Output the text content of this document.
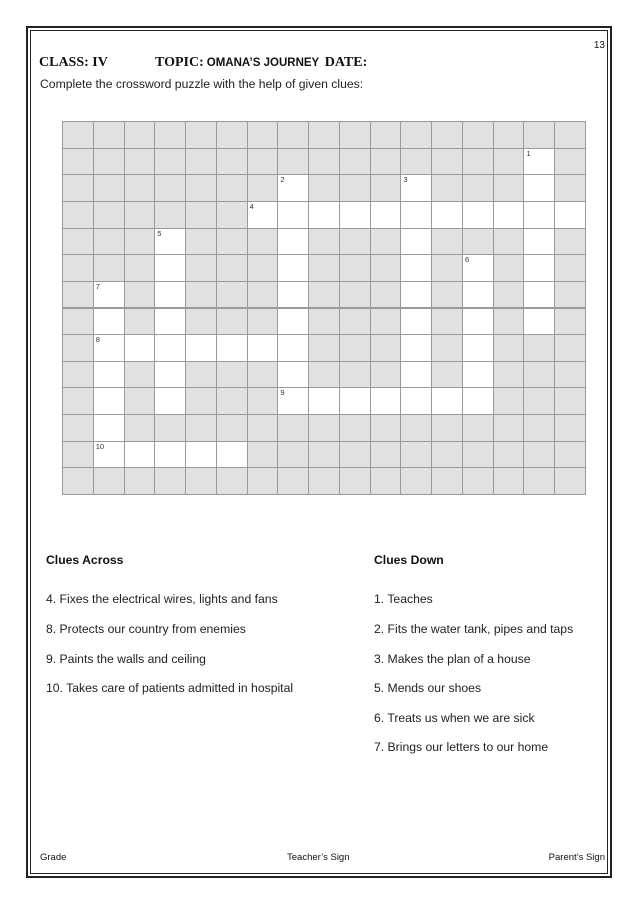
13
CLASS: IV	TOPIC: OMANA’S JOURNEY DATE:
Complete the crossword puzzle with the help of given clues:
1
2	3
4
5
6
7
8
9
10
Clues Across
4. Fixes the electrical wires, lights and fans
8. Protects our country from enemies
9. Paints the walls and ceiling
10. Takes care of patients admitted in hospital
Clues Down
1. Teaches
2. Fits the water tank, pipes and taps
3. Makes the plan of a house
5. Mends our shoes
6. Treats us when we are sick
7. Brings our letters to our home
Grade	Teacher’s Sign	Parent’s Sign
